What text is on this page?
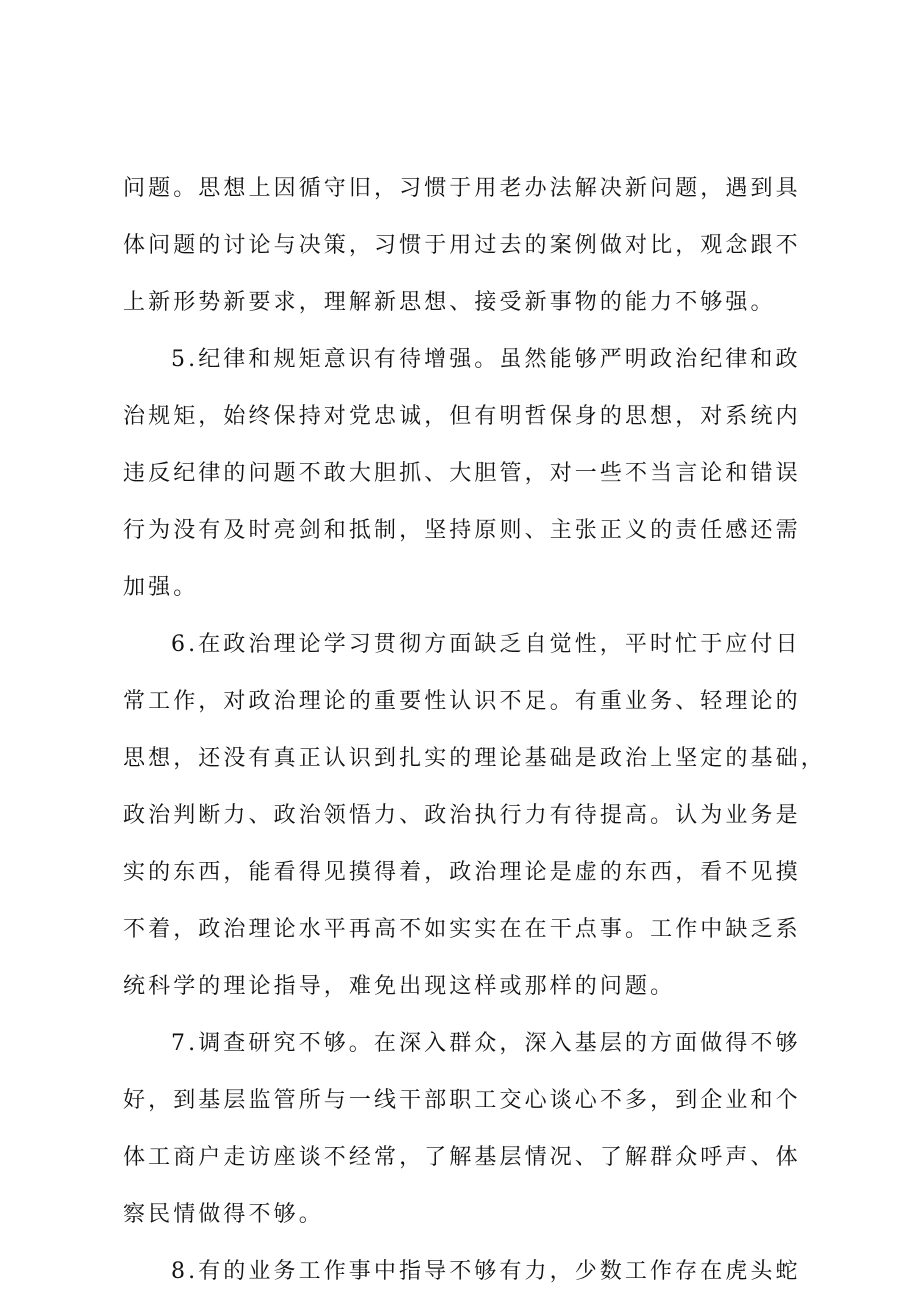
问题。思想上因循守旧，习惯于用老办法解决新问题，遇到具
体问题的讨论与决策，习惯于用过去的案例做对比，观念跟不
上新形势新要求，理解新思想、接受新事物的能力不够强。
5.纪律和规矩意识有待增强。虽然能够严明政治纪律和政
治规矩，始终保持对党忠诚，但有明哲保身的思想，对系统内
违反纪律的问题不敢大胆抓、大胆管，对一些不当言论和错误
行为没有及时亮剑和抵制，坚持原则、主张正义的责任感还需
加强。
6.在政治理论学习贯彻方面缺乏自觉性，平时忙于应付日
常工作，对政治理论的重要性认识不足。有重业务、轻理论的
思想，还没有真正认识到扎实的理论基础是政治上坚定的基础，
政治判断力、政治领悟力、政治执行力有待提高。认为业务是
实的东西，能看得见摸得着，政治理论是虚的东西，看不见摸
不着，政治理论水平再高不如实实在在干点事。工作中缺乏系
统科学的理论指导，难免出现这样或那样的问题。
7.调查研究不够。在深入群众，深入基层的方面做得不够
好，到基层监管所与一线干部职工交心谈心不多，到企业和个
体工商户走访座谈不经常，了解基层情况、了解群众呼声、体
察民情做得不够。
8.有的业务工作事中指导不够有力，少数工作存在虎头蛇
